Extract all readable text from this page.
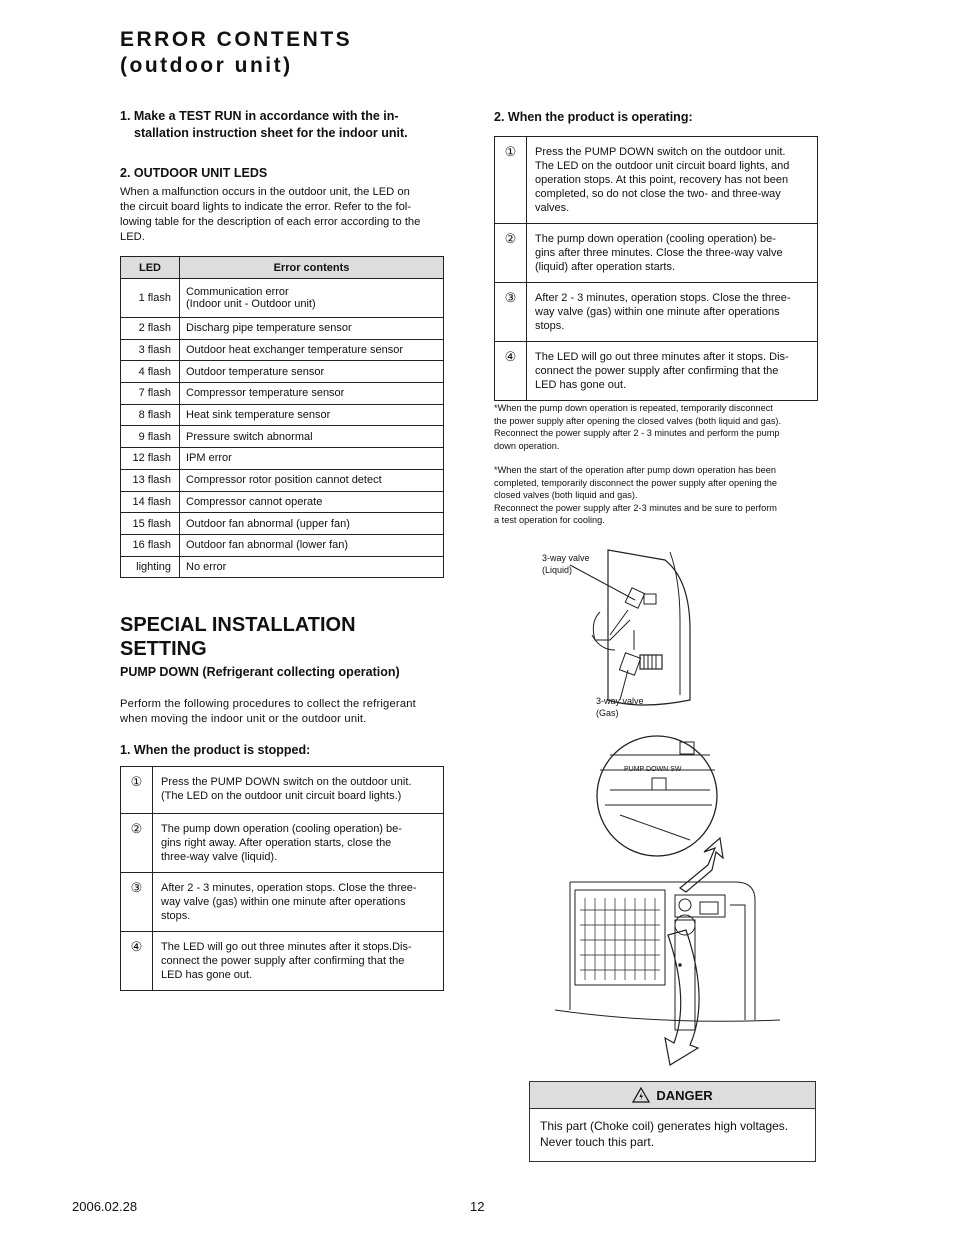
ERROR CONTENTS
(outdoor unit)
1. Make a TEST RUN in accordance with the in-
stallation instruction sheet for the indoor unit.
2. OUTDOOR UNIT LEDS
When a malfunction occurs in the outdoor unit, the LED on
the circuit board lights to indicate the error. Refer to the fol-
lowing table for the description of each error according to the
LED.
LED	Error contents
1 flash	Communication error
(Indoor unit - Outdoor unit)

2 flash	Discharg pipe temperature sensor
3 flash	Outdoor heat exchanger temperature sensor
4 flash	Outdoor temperature sensor
7 flash	Compressor temperature sensor
8 flash	Heat sink temperature sensor
9 flash	Pressure switch abnormal
12 flash	IPM error
13 flash	Compressor rotor position cannot detect
14 flash	Compressor cannot operate
15 flash	Outdoor fan abnormal (upper fan)
16 flash	Outdoor fan abnormal (lower fan)
lighting	No error
SPECIAL INSTALLATION
SETTING
PUMP DOWN (Refrigerant collecting operation)
Perform the following procedures to collect the refrigerant
when moving the indoor unit or the outdoor unit.
1. When the product is stopped:
①	Press the PUMP DOWN switch on the outdoor unit.
(The LED on the outdoor unit circuit board lights.)

②	The pump down operation (cooling operation) be-
gins right away. After operation starts, close the
three-way valve (liquid).

③	After 2 - 3 minutes, operation stops. Close the three-
way valve (gas) within one minute after operations
stops.

④	The LED will go out three minutes after it stops.Dis-
connect the power supply after confirming that the
LED has gone out.
2. When the product is operating:
①	Press the PUMP DOWN switch on the outdoor unit.
The LED on the outdoor unit circuit board lights, and
operation stops. At this point, recovery has not been
completed, so do not close the two- and three-way
valves.

②	The pump down operation (cooling operation) be-
gins after three minutes. Close the three-way valve
(liquid) after operation starts.

③	After 2 - 3 minutes, operation stops. Close the three-
way valve (gas) within one minute after operations
stops.

④	The LED will go out three minutes after it stops. Dis-
connect the power supply after confirming that the
LED has gone out.
*When the pump down operation is repeated, temporarily disconnect
the power supply after opening the closed valves (both liquid and gas).
Reconnect the power supply after 2 - 3 minutes and perform the pump
down operation.
*When the start of the operation after pump down operation has been
completed, temporarily disconnect the power supply after opening the
closed valves (both liquid and gas).
Reconnect the power supply after 2-3 minutes and be sure to perform
a test operation for cooling.
3-way valve
(Liquid)
3-way valve
(Gas)
PUMP DOWN SW
DANGER
This part (Choke coil) generates high voltages.
Never touch this part.
2006.02.28	12
